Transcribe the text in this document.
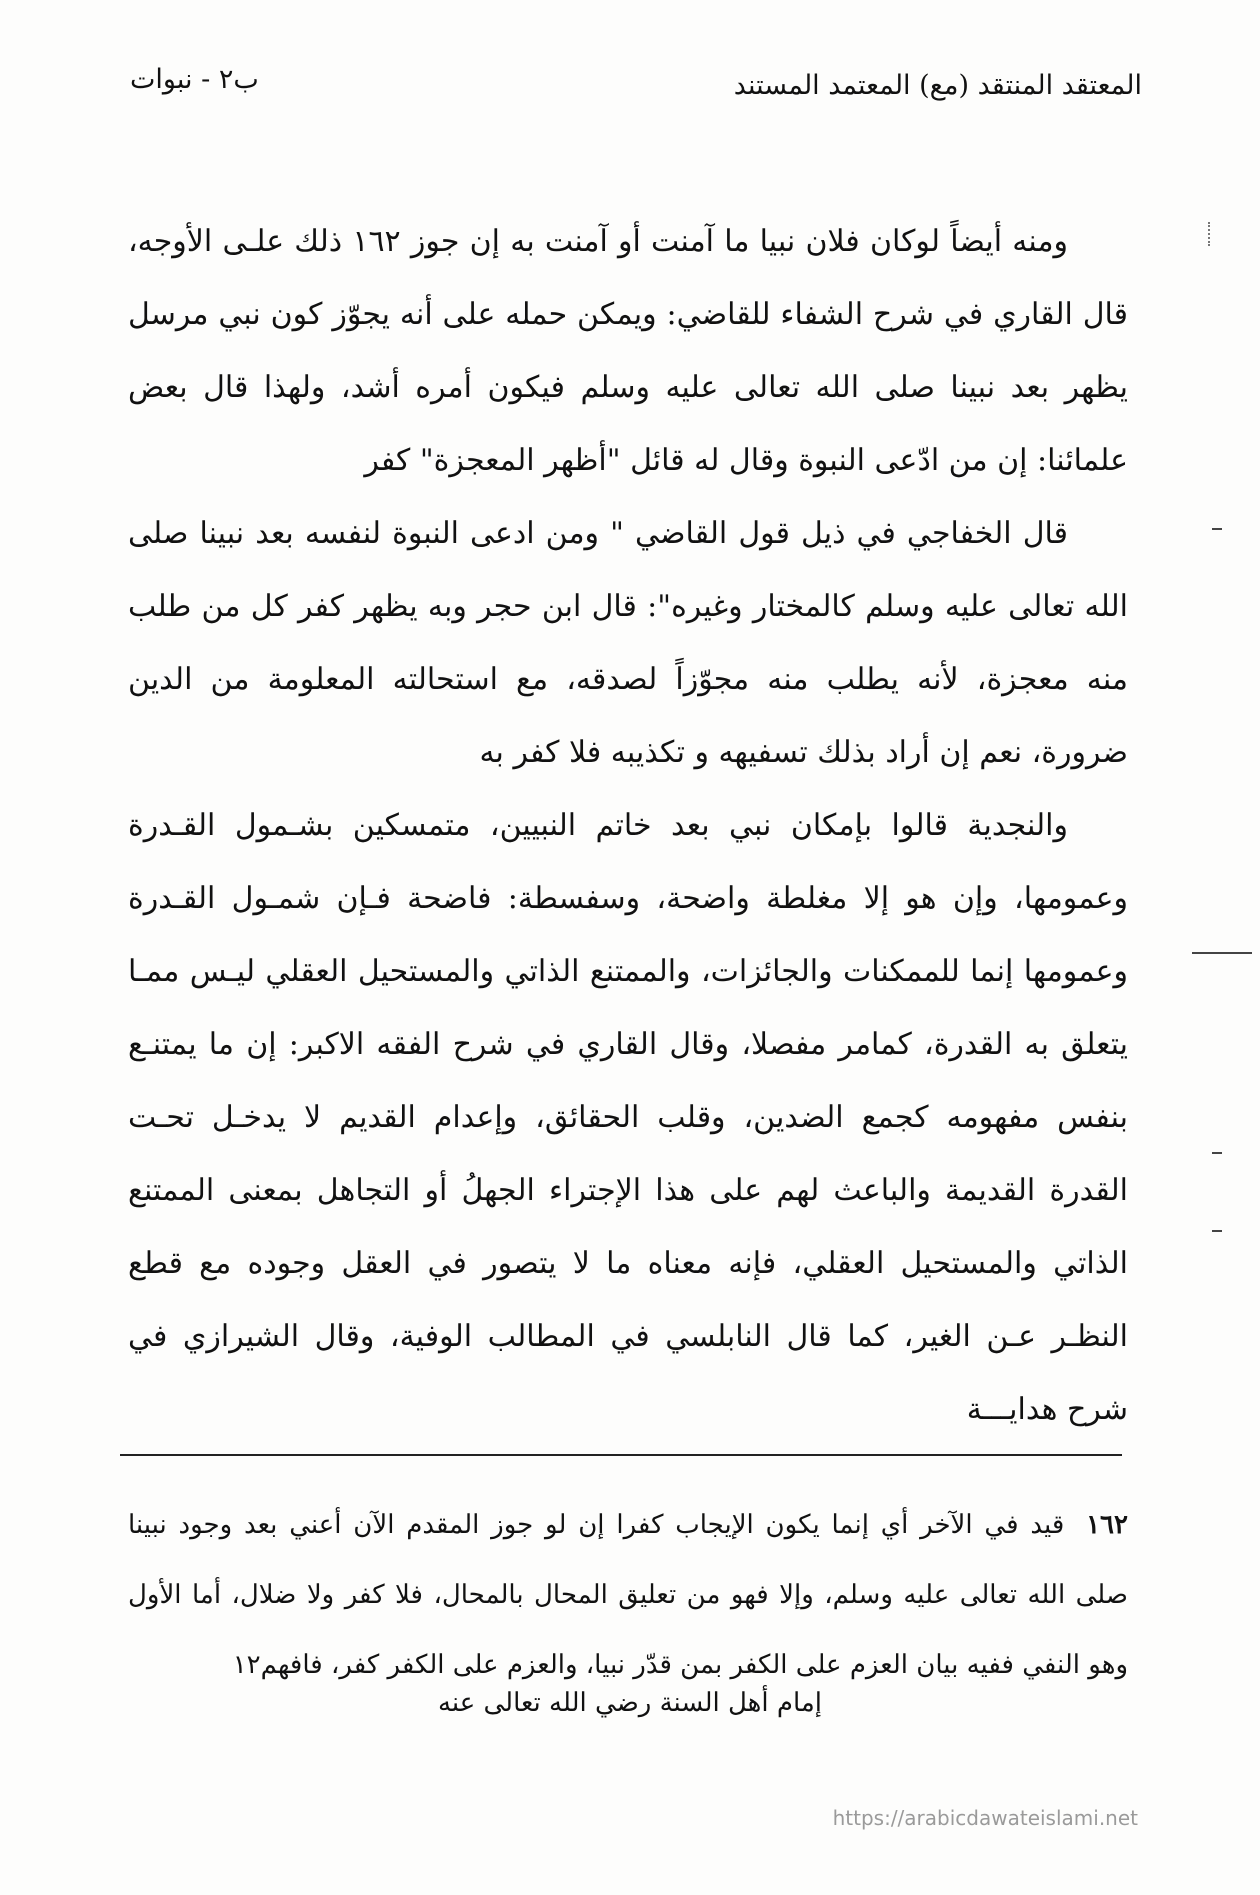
المعتقد المنتقد (مع) المعتمد المستند
ب۲ - نبوات

ومنه أيضاً لوكان فلان نبيا ما آمنت أو آمنت به إن جوز ١٦٢ ذلك علـى الأوجه، قال القاري في شرح الشفاء للقاضي: ويمكن حمله على أنه يجوّز كون نبي مرسل يظهر بعد نبينا صلى الله تعالى عليه وسلم فيكون أمره أشد، ولهذا قال بعض علمائنا: إن من ادّعى النبوة وقال له قائل "أظهر المعجزة" كفر

قال الخفاجي في ذيل قول القاضي " ومن ادعى النبوة لنفسه بعد نبينا صلى الله تعالى عليه وسلم كالمختار وغيره": قال ابن حجر وبه يظهر كفر كل من طلب منه معجزة، لأنه يطلب منه مجوّزاً لصدقه، مع استحالته المعلومة من الدين ضرورة، نعم إن أراد بذلك تسفيهه و تكذيبه فلا كفر به

والنجدية قالوا بإمكان نبي بعد خاتم النبيين، متمسكين بشـمول القـدرة وعمومها، وإن هو إلا مغلطة واضحة، وسفسطة: فاضحة فـإن شمـول القـدرة وعمومها إنما للممكنات والجائزات، والممتنع الذاتي والمستحيل العقلي ليـس ممـا يتعلق به القدرة، كمامر مفصلا، وقال القاري في شرح الفقه الاكبر: إن ما يمتنـع بنفس مفهومه كجمع الضدين، وقلب الحقائق، وإعدام القديم لا يدخـل تحـت القدرة القديمة والباعث لهم على هذا الإجتراء الجهلُ أو التجاهل بمعنى الممتنع الذاتي والمستحيل العقلي، فإنه معناه ما لا يتصور في العقل وجوده مع قطع النظـر عـن الغير، كما قال النابلسي في المطالب الوفية، وقال الشيرازي في شرح هدايـــة

١٦٢ قيد في الآخر أي إنما يكون الإيجاب كفرا إن لو جوز المقدم الآن أعني بعد وجود نبينا صلى الله تعالى عليه وسلم، وإلا فهو من تعليق المحال بالمحال، فلا كفر ولا ضلال، أما الأول وهو النفي ففيه بيان العزم على الكفر بمن قدّر نبيا، والعزم على الكفر كفر، فافهم١٢
إمام أهل السنة رضي الله تعالى عنه
https://arabicdawateislami.net
